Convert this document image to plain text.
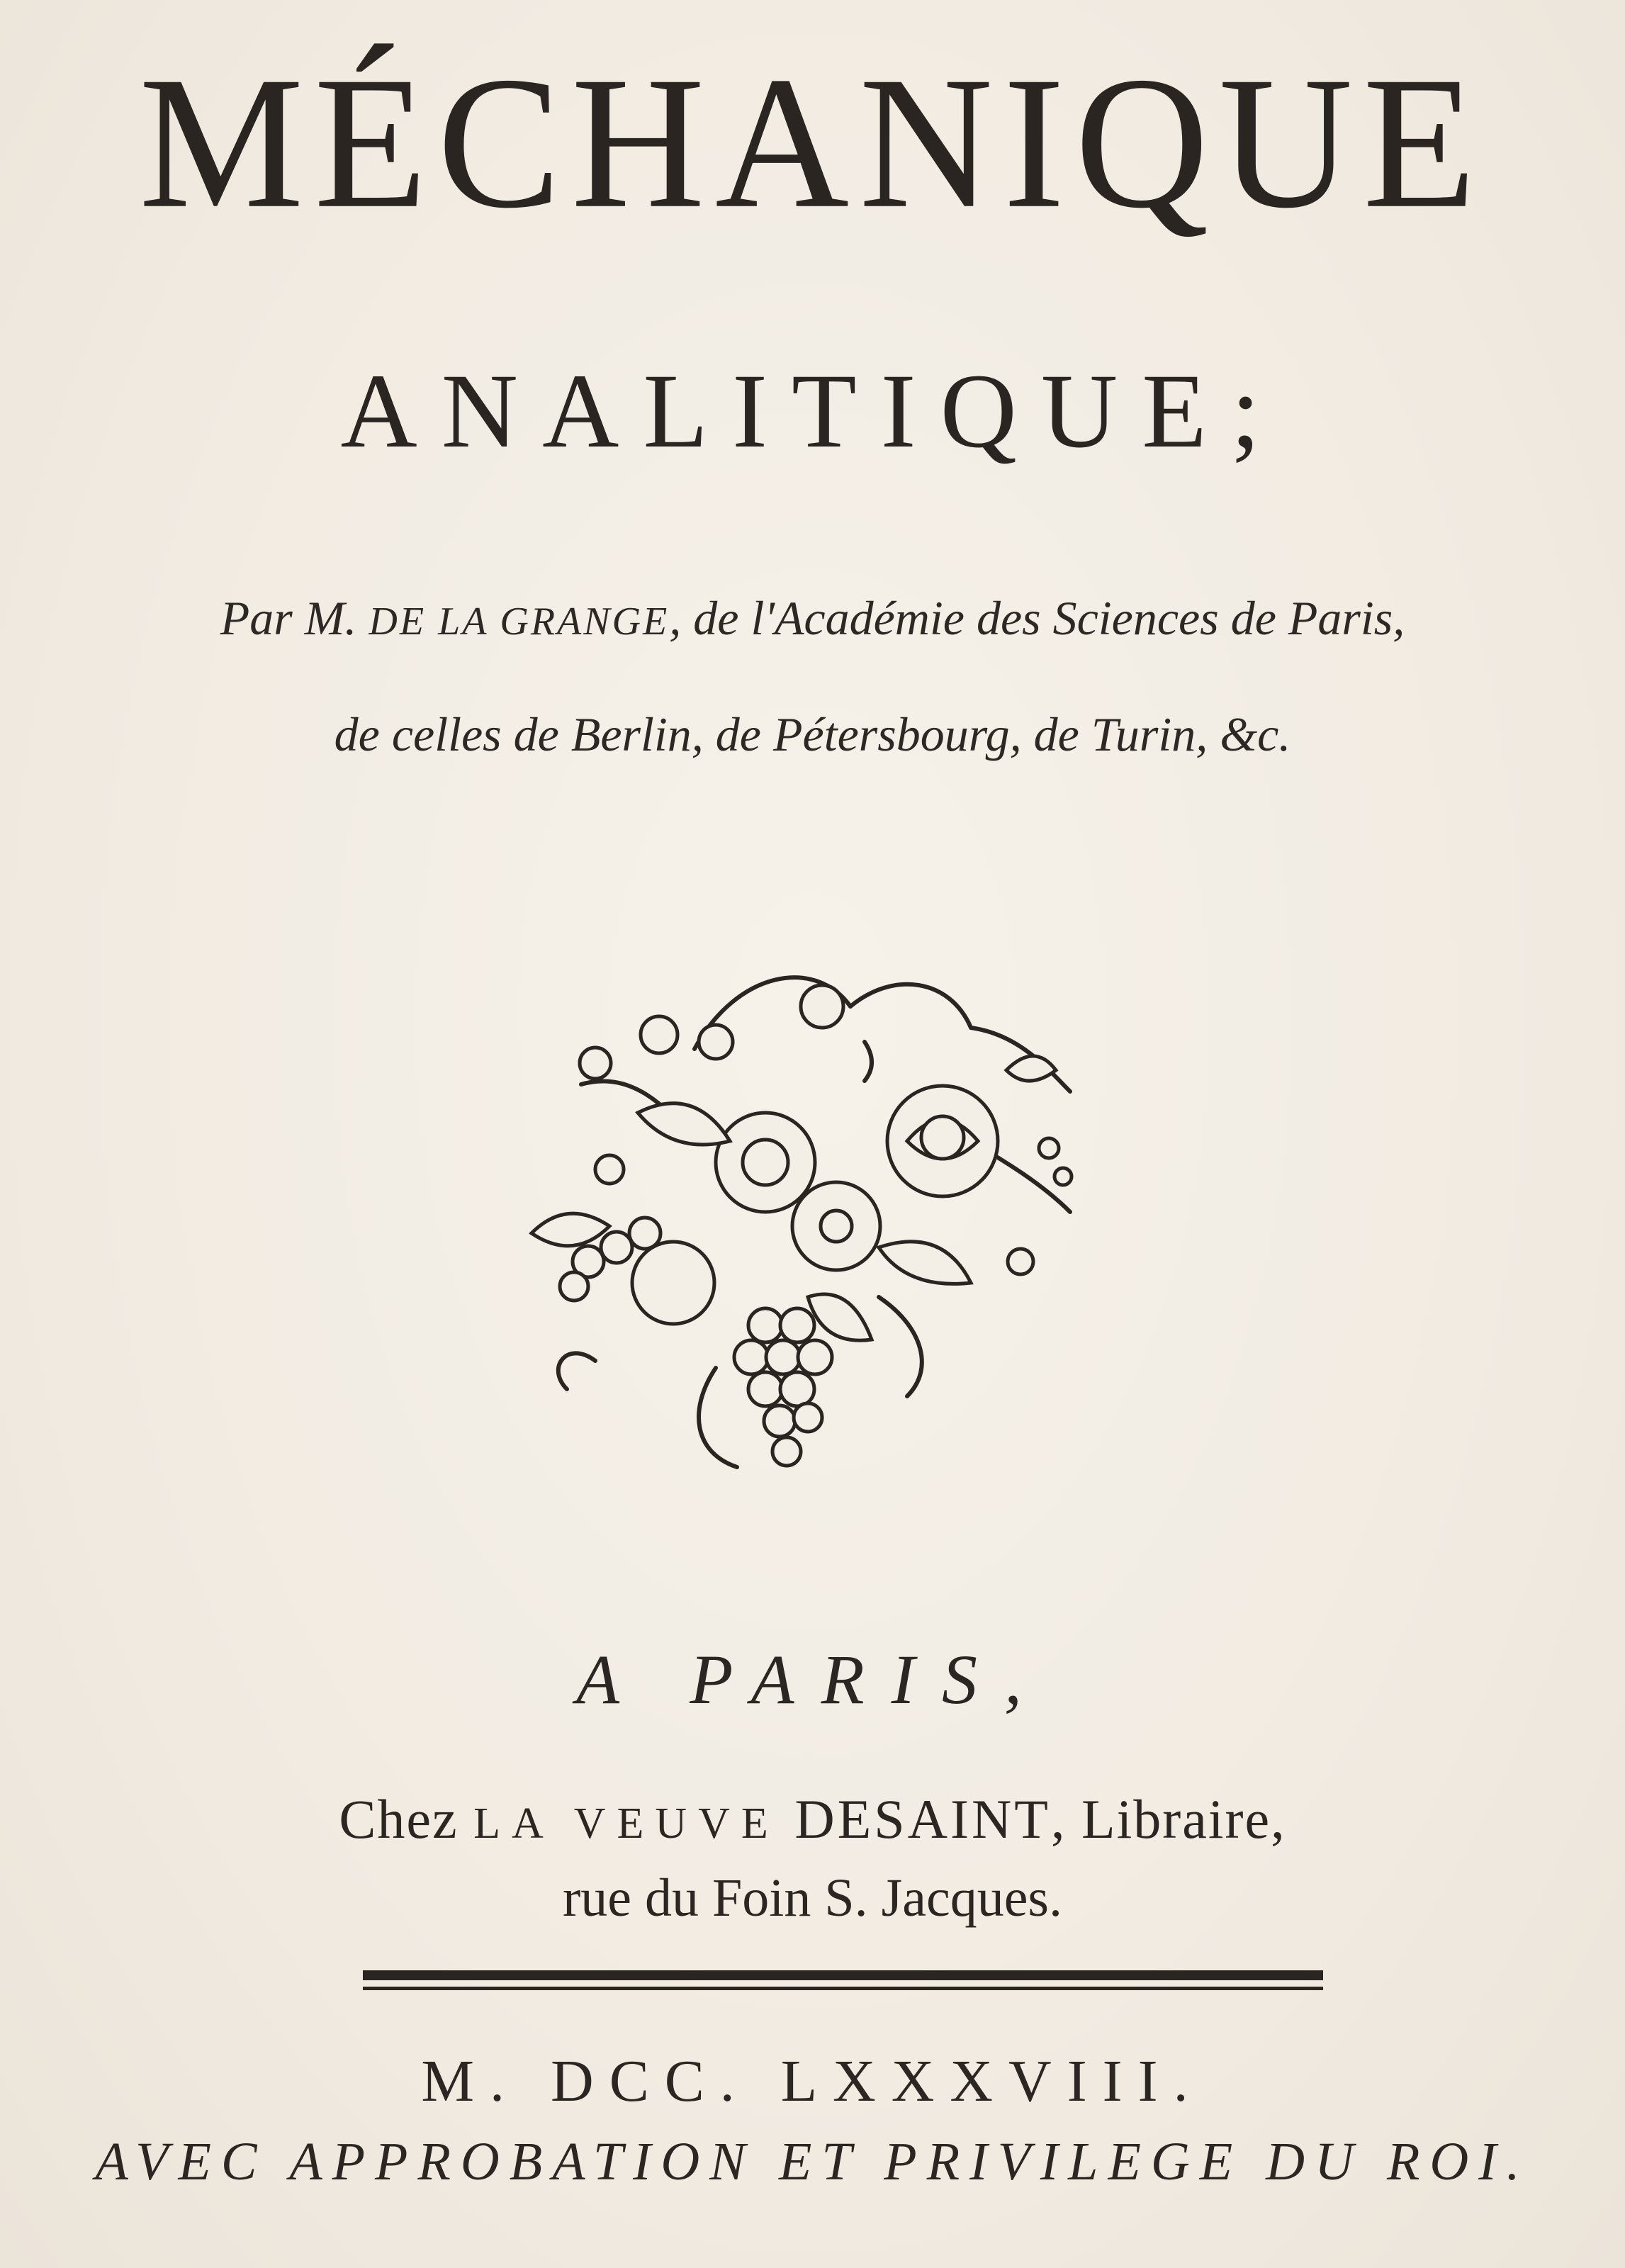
MÉCHANIQUE
ANALITIQUE;
Par M. DE LA GRANGE, de l'Académie des Sciences de Paris,
de celles de Berlin, de Pétersbourg, de Turin, &c.
A PARIS,
Chez LA VEUVE DESAINT, Libraire,
rue du Foin S. Jacques.
M. DCC. LXXXVIII.
AVEC APPROBATION ET PRIVILEGE DU ROI.
